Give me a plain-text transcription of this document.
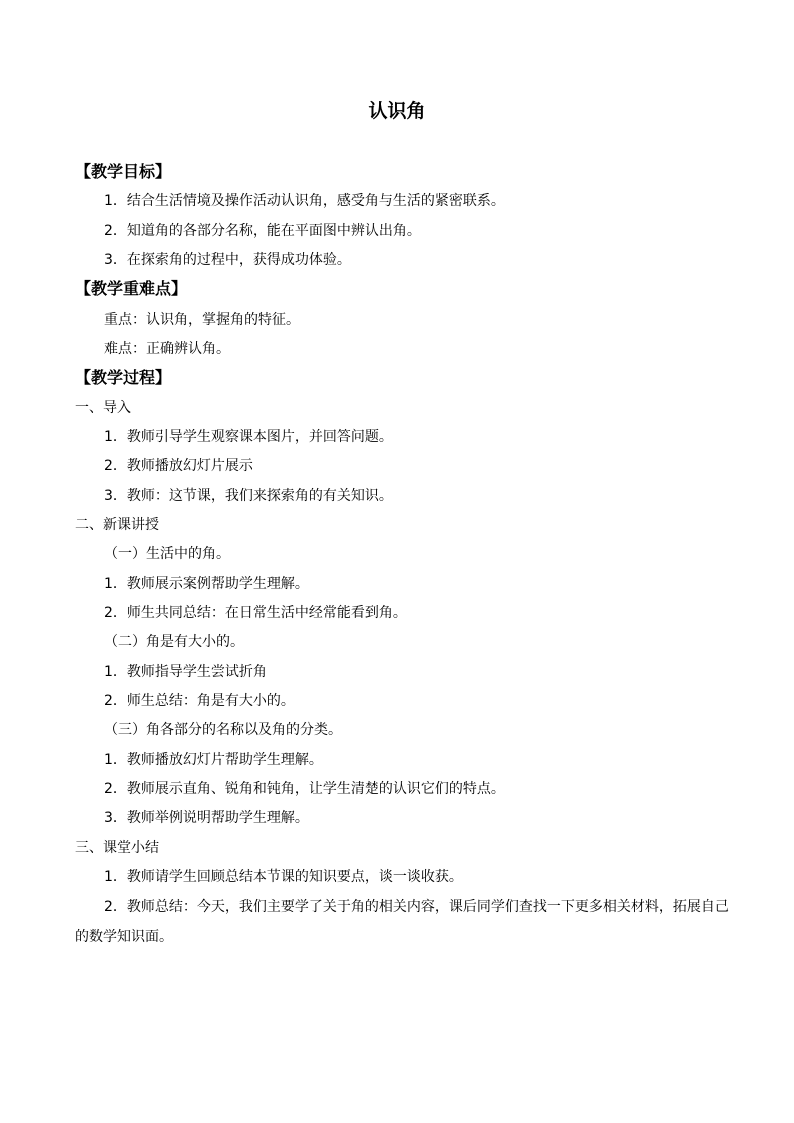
认识角
【教学目标】
1．结合生活情境及操作活动认识角，感受角与生活的紧密联系。
2．知道角的各部分名称，能在平面图中辨认出角。
3．在探索角的过程中，获得成功体验。
【教学重难点】
重点：认识角，掌握角的特征。
难点：正确辨认角。
【教学过程】
一、导入
1．教师引导学生观察课本图片，并回答问题。
2．教师播放幻灯片展示
3．教师：这节课，我们来探索角的有关知识。
二、新课讲授
（一）生活中的角。
1．教师展示案例帮助学生理解。
2．师生共同总结：在日常生活中经常能看到角。
（二）角是有大小的。
1．教师指导学生尝试折角
2．师生总结：角是有大小的。
（三）角各部分的名称以及角的分类。
1．教师播放幻灯片帮助学生理解。
2．教师展示直角、锐角和钝角，让学生清楚的认识它们的特点。
3．教师举例说明帮助学生理解。
三、课堂小结
1．教师请学生回顾总结本节课的知识要点，谈一谈收获。
2．教师总结：今天，我们主要学了关于角的相关内容，课后同学们查找一下更多相关材料，拓展自己的数学知识面。
